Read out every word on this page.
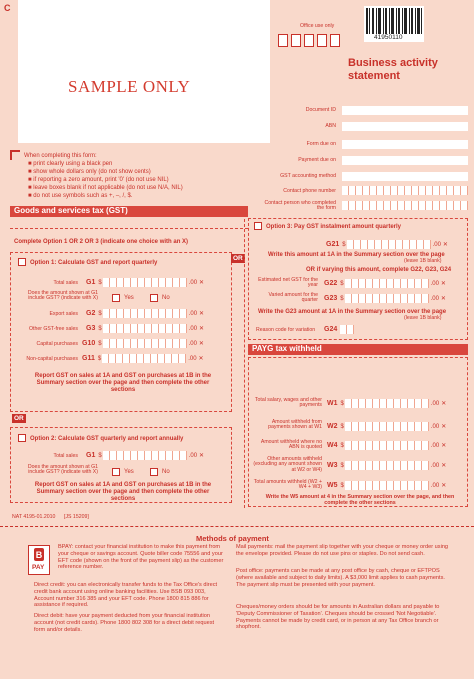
C
SAMPLE ONLY
Office use only
41950110
Business activity
statement
Document ID
ABN
Form due on
Payment due on
GST accounting method
Contact phone number
Contact person who completed the form
When completing this form:
■ print clearly using a black pen
■ show whole dollars only (do not show cents)
■ if reporting a zero amount, print '0' (do not use NIL)
■ leave boxes blank if not applicable (do not use N/A, NIL)
■ do not use symbols such as +, –, /, $.
Goods and services tax (GST)
Complete Option 1 OR 2 OR 3 (indicate one choice with an X)
Option 1: Calculate GST and report quarterly
Total sales G1 $	.00 ✕
Does the amount shown at G1 include GST? (indicate with X)	Yes	No
Export sales G2 $	.00 ✕
Other GST-free sales G3 $	.00 ✕
Capital purchases G10 $	.00 ✕
Non-capital purchases G11 $	.00 ✕
Report GST on sales at 1A and GST on purchases at 1B in the Summary section over the page and then complete the other sections
OR
OR
Option 2: Calculate GST quarterly and report annually
Total sales G1 $	.00 ✕
Does the amount shown at G1 include GST? (indicate with X)	Yes	No
Report GST on sales at 1A and GST on purchases at 1B in the Summary section over the page and then complete the other sections
Option 3: Pay GST instalment amount quarterly
G21 $	.00 ✕
Write this amount at 1A in the Summary section over the page
(leave 1B blank)
OR if varying this amount, complete G22, G23, G24
Estimated net GST for the year G22 $	.00 ✕
Varied amount for the quarter G23 $	.00 ✕
Write the G23 amount at 1A in the Summary section over the page
(leave 1B blank)
Reason code for variation G24
PAYG tax withheld
Total salary, wages and other payments W1 $	.00 ✕
Amount withheld from payments shown at W1 W2 $	.00 ✕
Amount withheld where no ABN is quoted W4 $	.00 ✕
Other amounts withheld (excluding any amount shown at W2 or W4)
W3 $	.00 ✕
Total amounts withheld (W2 + W4 + W3) W5 $	.00 ✕
Write the W5 amount at 4 in the Summary section over the page, and then complete the other sections
NAT 4195-01.2010 [JS 15209]
Methods of payment
B
PAY
BPAY: contact your financial institution to make this payment from your cheque or savings account. Quote biller code 75556 and your EFT code (shown on the front of the payment slip) as the customer reference number.
Direct credit: you can electronically transfer funds to the Tax Office's direct credit bank account using online banking facilities. Use BSB 093 003, Account number 316 385 and your EFT code. Phone 1800 815 886 for assistance if required.
Direct debit: have your payment deducted from your financial institution account (not credit cards). Phone 1800 802 308 for a direct debit request form and/or details.
Mail payments: mail the payment slip together with your cheque or money order using the envelope provided. Please do not use pins or staples. Do not send cash.
Post office: payments can be made at any post office by cash, cheque or EFTPOS (where available and subject to daily limits). A $3,000 limit applies to cash payments. The payment slip must be presented with your payment.
Cheques/money orders should be for amounts in Australian dollars and payable to 'Deputy Commissioner of Taxation'. Cheques should be crossed 'Not Negotiable'. Payments cannot be made by credit card, or in person at any Tax Office branch or shopfront.
